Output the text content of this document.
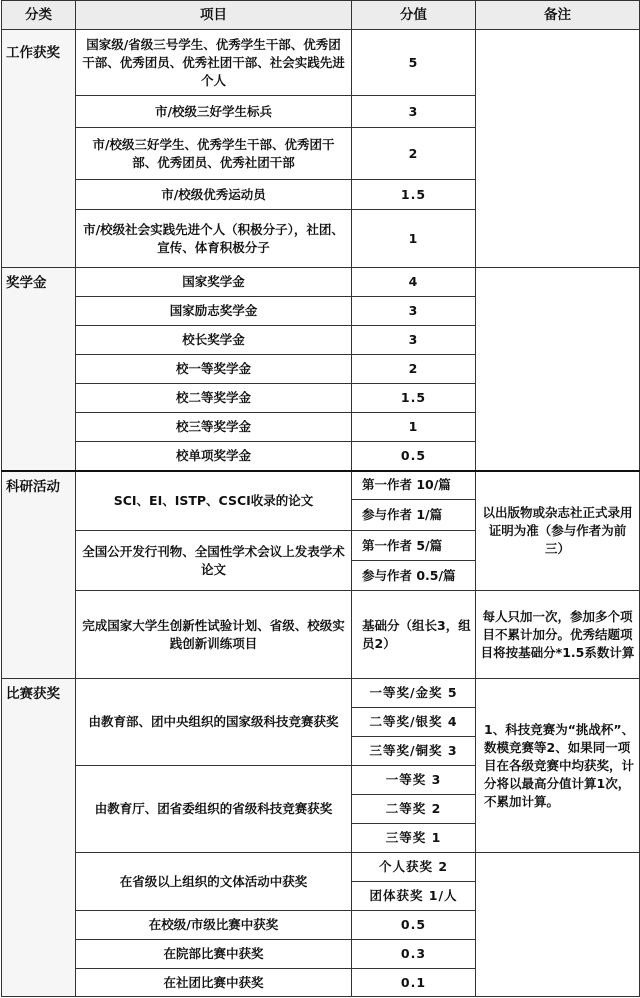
分类	项目	分值	备注
工作获奖	国家级/省级三号学生、优秀学生干部、优秀团干部、优秀团员、优秀社团干部、社会实践先进个人	5	
	市/校级三好学生标兵	3	
	市/校级三好学生、优秀学生干部、优秀团干部、优秀团员、优秀社团干部	2	
	市/校级优秀运动员	1.5	
	市/校级社会实践先进个人（积极分子），社团、宣传、体育积极分子	1	
奖学金	国家奖学金	4	
	国家励志奖学金	3	
	校长奖学金	3	
	校一等奖学金	2	
	校二等奖学金	1.5	
	校三等奖学金	1	
	校单项奖学金	0.5	
科研活动	SCI、EI、ISTP、CSCI收录的论文	第一作者 10/篇	以出版物或杂志社正式录用证明为准（参与作者为前三）
		参与作者 1/篇	
	全国公开发行刊物、全国性学术会议上发表学术论文	第一作者 5/篇	
		参与作者 0.5/篇	
	完成国家大学生创新性试验计划、省级、校级实践创新训练项目	基础分（组长3，组员2）	每人只加一次，参加多个项目不累计加分。优秀结题项目将按基础分*1.5系数计算
比赛获奖	由教育部、团中央组织的国家级科技竞赛获奖	一等奖/金奖 5	1、科技竞赛为“挑战杯”、数模竞赛等2、如果同一项目在各级竞赛中均获奖，计分将以最高分值计算1次，不累加计算。
		二等奖/银奖 4	
		三等奖/铜奖 3	
	由教育厅、团省委组织的省级科技竞赛获奖	一等奖 3	
		二等奖 2	
		三等奖 1	
	在省级以上组织的文体活动中获奖	个人获奖 2	
		团体获奖 1/人	
	在校级/市级比赛中获奖	0.5	
	在院部比赛中获奖	0.3	
	在社团比赛中获奖	0.1	
